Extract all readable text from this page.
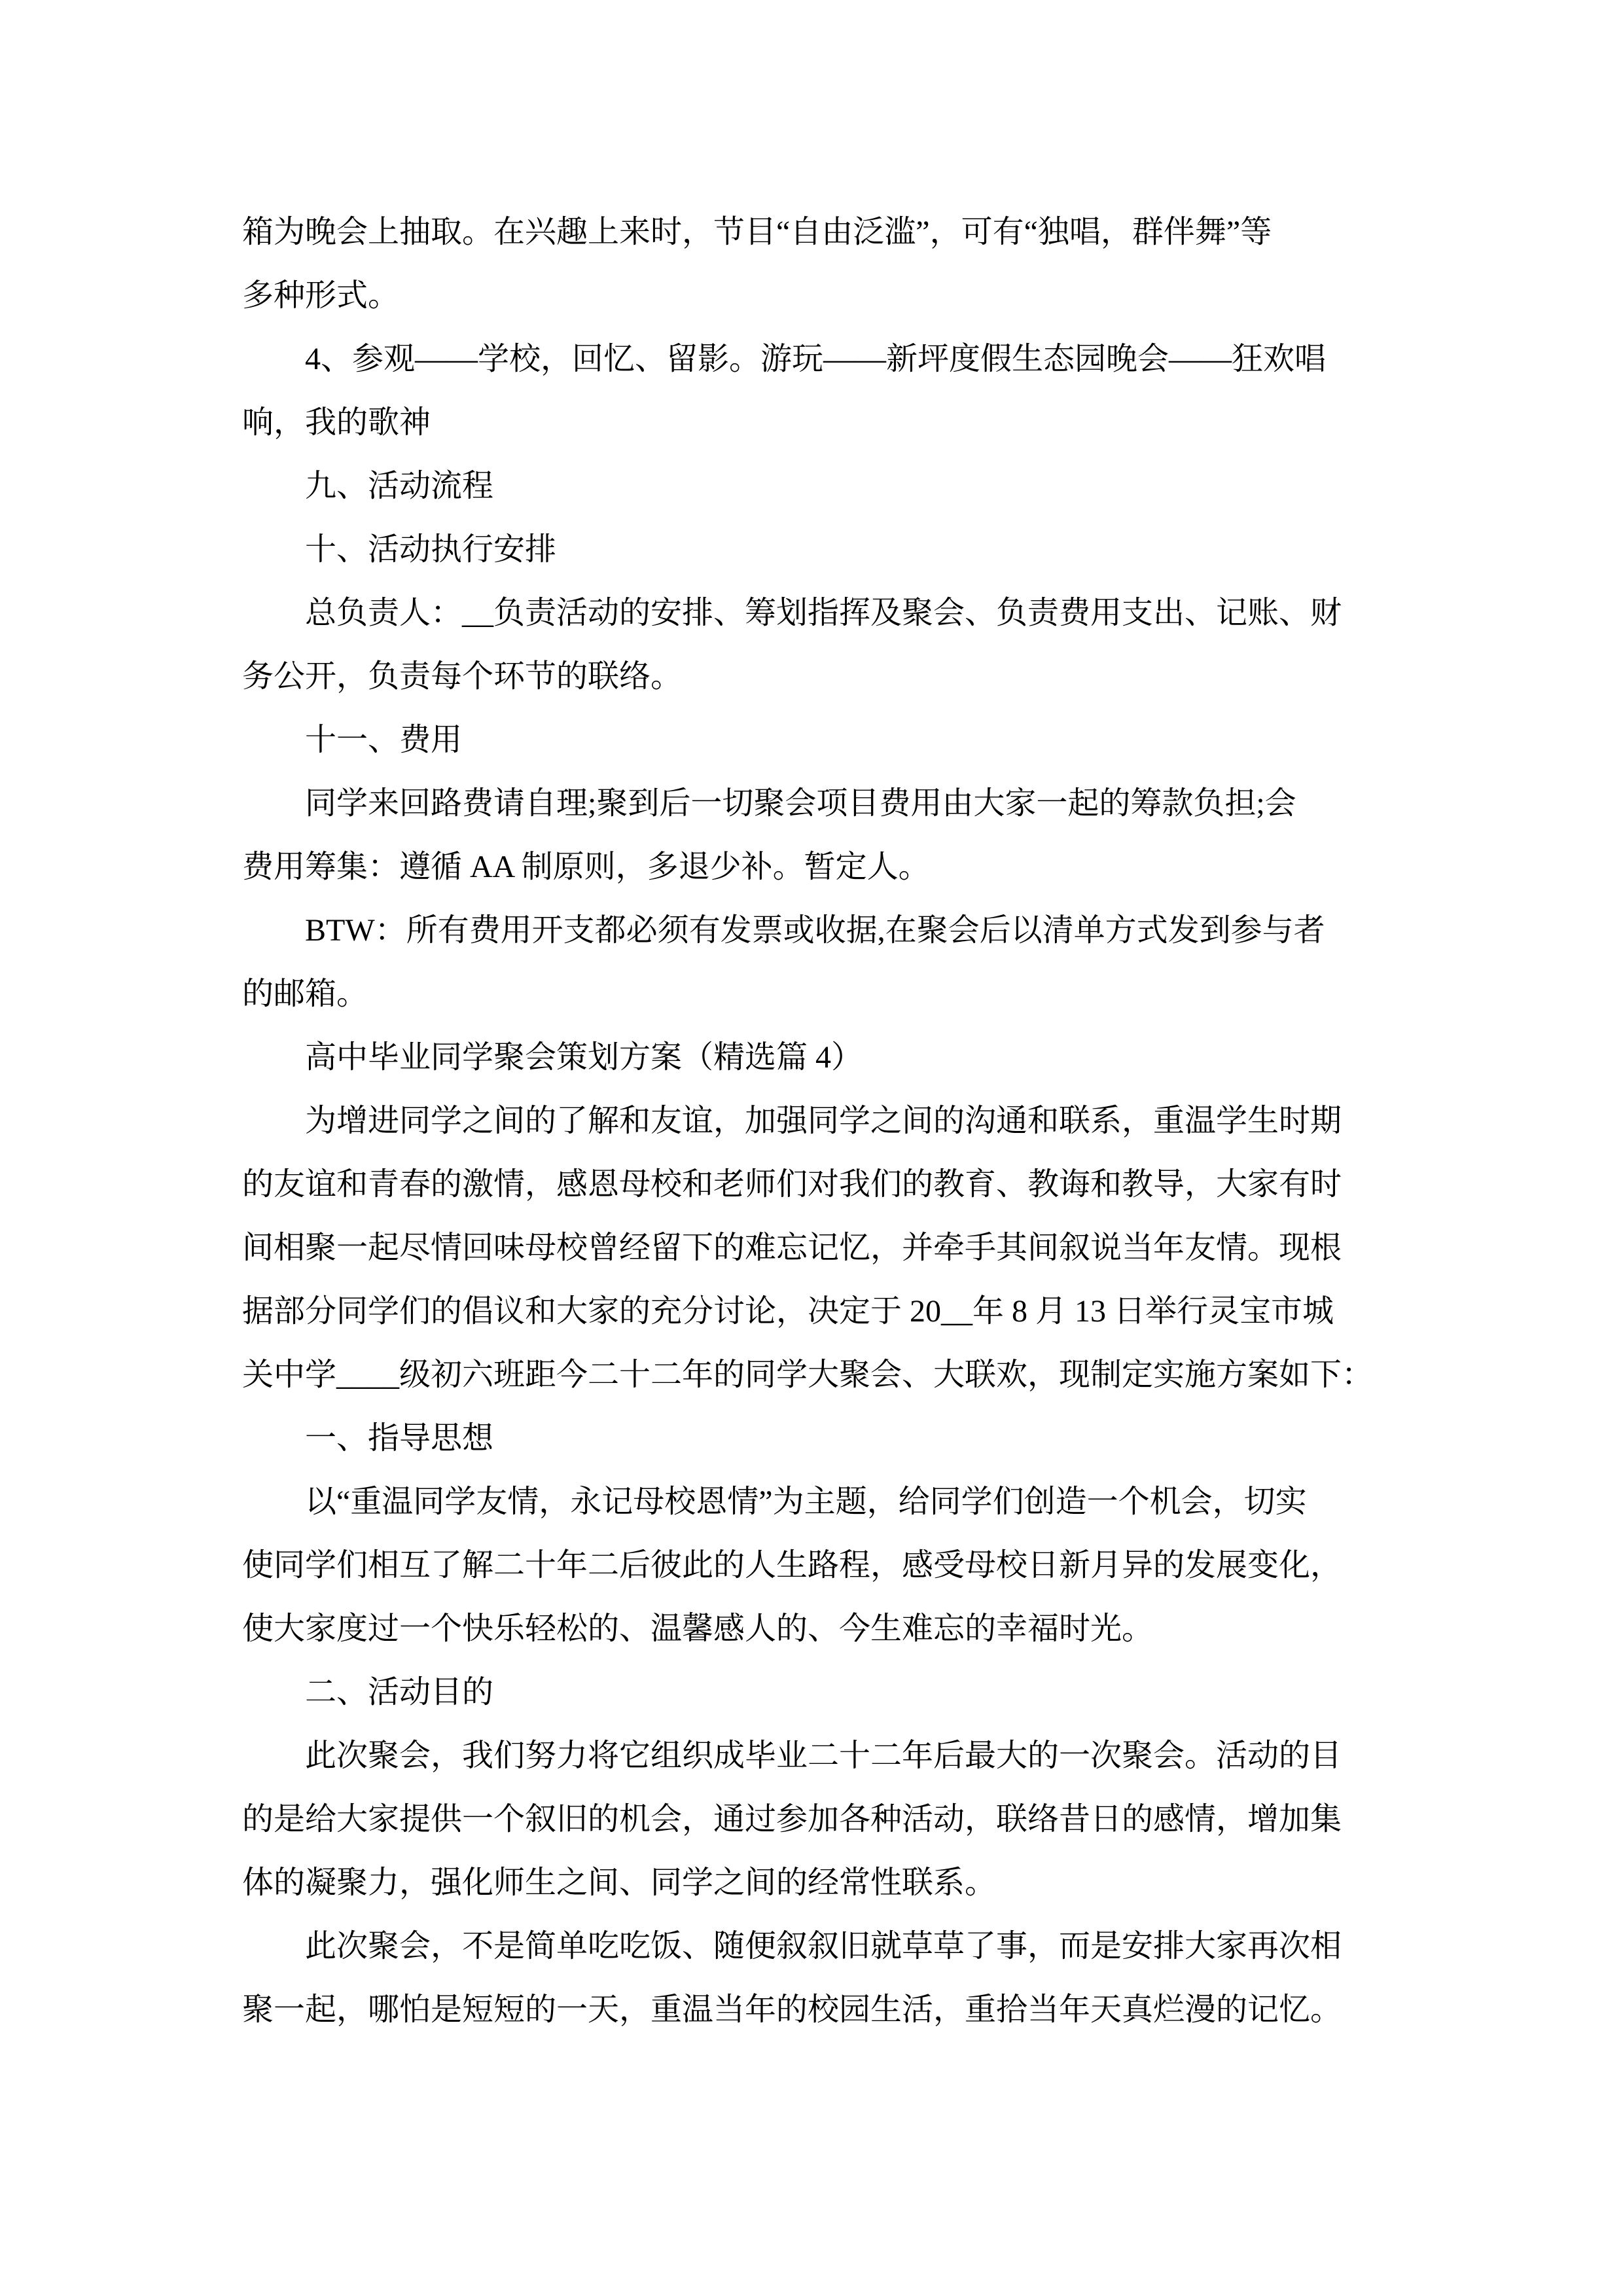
箱为晚会上抽取。在兴趣上来时，节目“自由泛滥”，可有“独唱，群伴舞”等
多种形式。
4、参观——学校，回忆、留影。游玩——新坪度假生态园晚会——狂欢唱
响，我的歌神
九、活动流程
十、活动执行安排
总负责人：__负责活动的安排、筹划指挥及聚会、负责费用支出、记账、财
务公开，负责每个环节的联络。
十一、费用
同学来回路费请自理;聚到后一切聚会项目费用由大家一起的筹款负担;会
费用筹集：遵循 AA 制原则，多退少补。暂定人。
BTW：所有费用开支都必须有发票或收据,在聚会后以清单方式发到参与者
的邮箱。
高中毕业同学聚会策划方案（精选篇 4）
为增进同学之间的了解和友谊，加强同学之间的沟通和联系，重温学生时期
的友谊和青春的激情，感恩母校和老师们对我们的教育、教诲和教导，大家有时
间相聚一起尽情回味母校曾经留下的难忘记忆，并牵手其间叙说当年友情。现根
据部分同学们的倡议和大家的充分讨论，决定于 20__年 8 月 13 日举行灵宝市城
关中学____级初六班距今二十二年的同学大聚会、大联欢，现制定实施方案如下：
一、指导思想
以“重温同学友情，永记母校恩情”为主题，给同学们创造一个机会，切实
使同学们相互了解二十年二后彼此的人生路程，感受母校日新月异的发展变化，
使大家度过一个快乐轻松的、温馨感人的、今生难忘的幸福时光。
二、活动目的
此次聚会，我们努力将它组织成毕业二十二年后最大的一次聚会。活动的目
的是给大家提供一个叙旧的机会，通过参加各种活动，联络昔日的感情，增加集
体的凝聚力，强化师生之间、同学之间的经常性联系。
此次聚会，不是简单吃吃饭、随便叙叙旧就草草了事，而是安排大家再次相
聚一起，哪怕是短短的一天，重温当年的校园生活，重拾当年天真烂漫的记忆。
